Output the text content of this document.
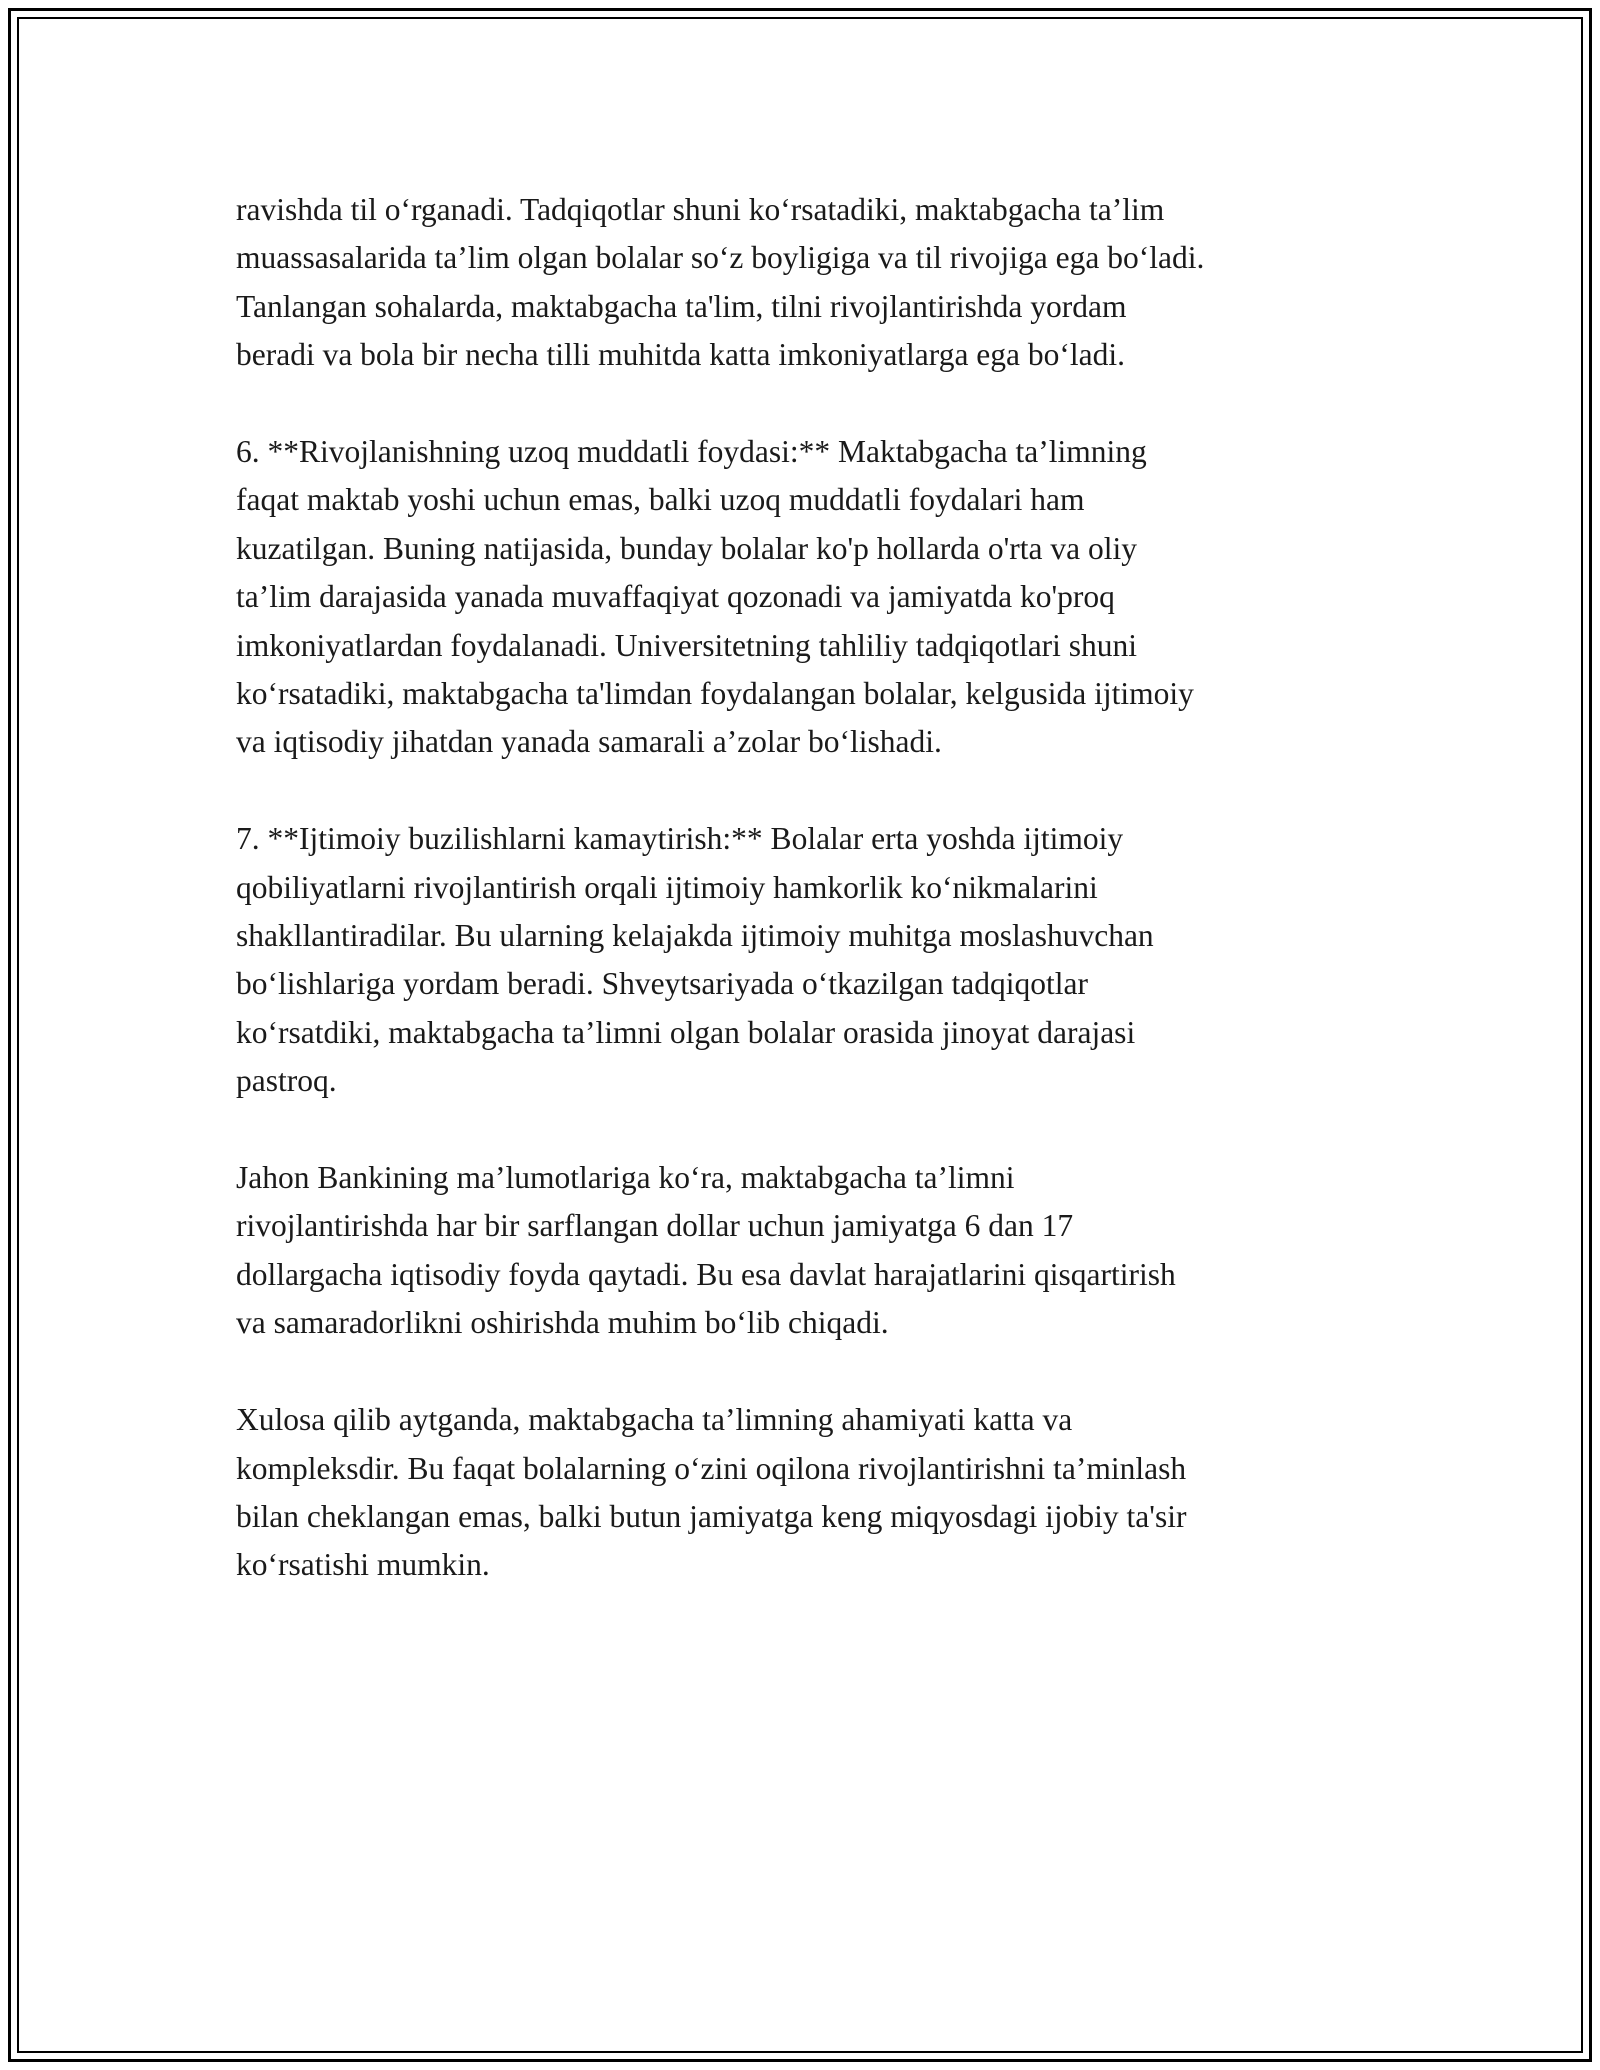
ravishda til o‘rganadi. Tadqiqotlar shuni ko‘rsatadiki, maktabgacha ta’lim
muassasalarida ta’lim olgan bolalar so‘z boyligiga va til rivojiga ega bo‘ladi.
Tanlangan sohalarda, maktabgacha ta'lim, tilni rivojlantirishda yordam
beradi va bola bir necha tilli muhitda katta imkoniyatlarga ega bo‘ladi.

6. **Rivojlanishning uzoq muddatli foydasi:** Maktabgacha ta’limning
faqat maktab yoshi uchun emas, balki uzoq muddatli foydalari ham
kuzatilgan. Buning natijasida, bunday bolalar ko'p hollarda o'rta va oliy
ta’lim darajasida yanada muvaffaqiyat qozonadi va jamiyatda ko'proq
imkoniyatlardan foydalanadi. Universitetning tahliliy tadqiqotlari shuni
ko‘rsatadiki, maktabgacha ta'limdan foydalangan bolalar, kelgusida ijtimoiy
va iqtisodiy jihatdan yanada samarali a’zolar bo‘lishadi.

7. **Ijtimoiy buzilishlarni kamaytirish:** Bolalar erta yoshda ijtimoiy
qobiliyatlarni rivojlantirish orqali ijtimoiy hamkorlik ko‘nikmalarini
shakllantiradilar. Bu ularning kelajakda ijtimoiy muhitga moslashuvchan
bo‘lishlariga yordam beradi. Shveytsariyada o‘tkazilgan tadqiqotlar
ko‘rsatdiki, maktabgacha ta’limni olgan bolalar orasida jinoyat darajasi
pastroq.

Jahon Bankining ma’lumotlariga ko‘ra, maktabgacha ta’limni
rivojlantirishda har bir sarflangan dollar uchun jamiyatga 6 dan 17
dollargacha iqtisodiy foyda qaytadi. Bu esa davlat harajatlarini qisqartirish
va samaradorlikni oshirishda muhim bo‘lib chiqadi.

Xulosa qilib aytganda, maktabgacha ta’limning ahamiyati katta va
kompleksdir. Bu faqat bolalarning o‘zini oqilona rivojlantirishni ta’minlash
bilan cheklangan emas, balki butun jamiyatga keng miqyosdagi ijobiy ta'sir
ko‘rsatishi mumkin.
